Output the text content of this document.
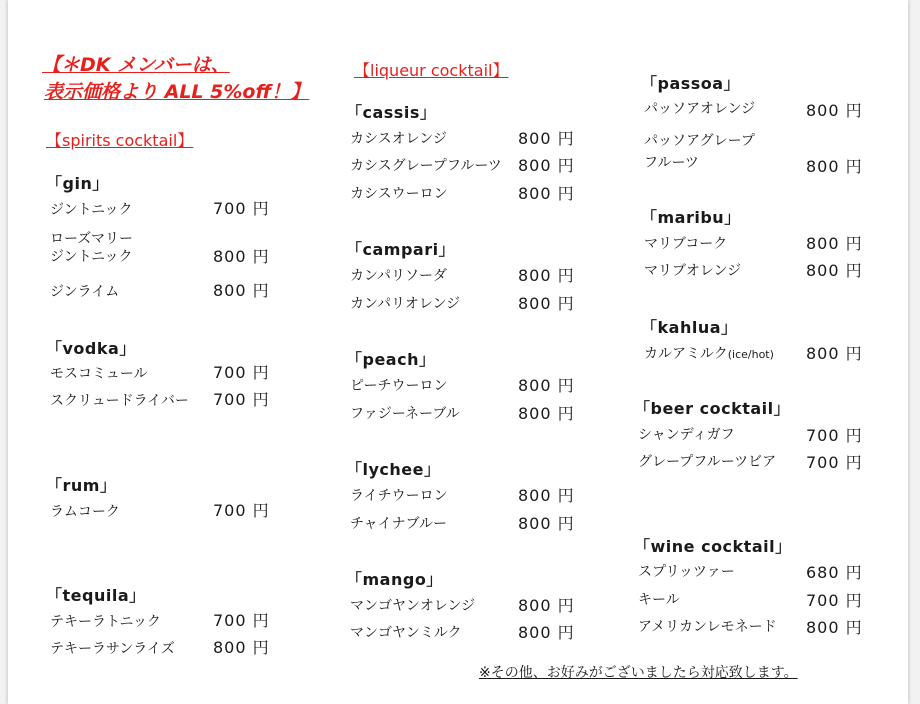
【＊DK メンバーは、
表示価格より ALL 5%off！】
【spirits cocktail】
「gin」
ジントニック	700 円
ローズマリー
ジントニック	800 円
ジンライム	800 円
「vodka」
モスコミュール	700 円
スクリュードライバー 700 円
「rum」
ラムコーク	700 円
「tequila」
テキーラトニック	700 円
テキーラサンライズ 800 円
【liqueur cocktail】
「cassis」
カシスオレンジ	800 円
カシスグレープフルーツ 800 円
カシスウーロン	800 円
「campari」
カンパリソーダ	800 円
カンパリオレンジ	800 円
「peach」
ピーチウーロン	800 円
ファジーネーブル	800 円
「lychee」
ライチウーロン	800 円
チャイナブルー	800 円
「mango」
マンゴヤンオレンジ	800 円
マンゴヤンミルク	800 円
「passoa」
パッソアオレンジ	800 円
パッソアグレープ
フルーツ	800 円
「maribu」
マリブコーク	800 円
マリブオレンジ	800 円
「kahlua」
カルアミルク(ice/hot) 800 円
「beer cocktail」
シャンディガフ	700 円
グレープフルーツビア 700 円
「wine cocktail」
スプリッツァー	680 円
キール	700 円
アメリカンレモネード 800 円
※その他、お好みがございましたら対応致します。
